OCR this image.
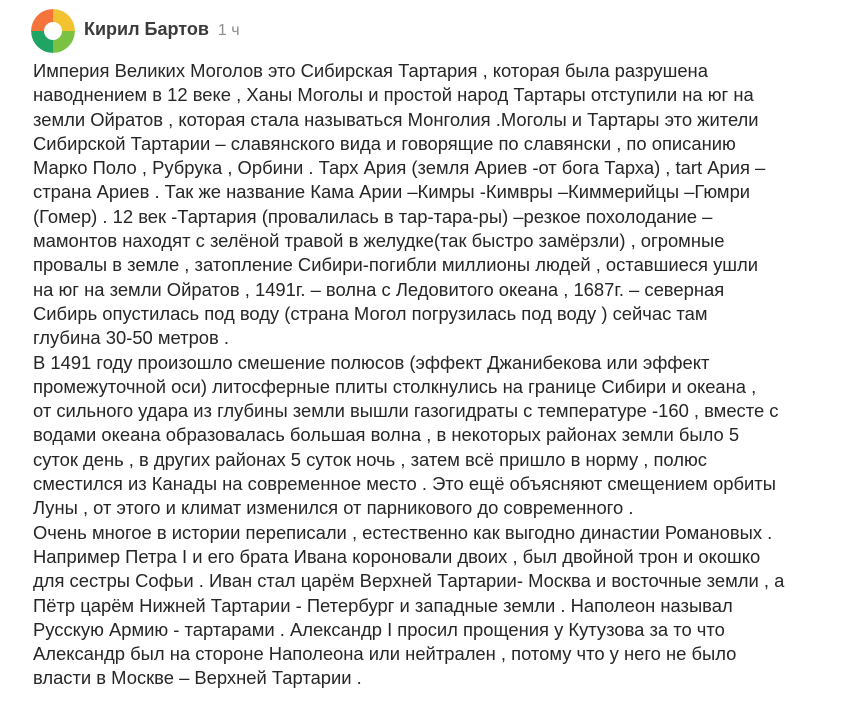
Кирил Бартов 1 ч
Империя Великих Моголов это Сибирская Тартария , которая была разрушена
наводнением в 12 веке , Ханы Моголы и простой народ Тартары отступили на юг на
земли Ойратов , которая стала называться Монголия .Моголы и Тартары это жители
Сибирской Тартарии – славянского вида и говорящие по славянски , по описанию
Марко Поло , Рубрука , Орбини . Тарх Ария (земля Ариев -от бога Тарха) , tart Ария –
страна Ариев . Так же название Кама Арии –Кимры -Кимвры –Киммерийцы –Гюмри
(Гомер) . 12 век -Тартария (провалилась в тар-тара-ры) –резкое похолодание –
мамонтов находят с зелёной травой в желудке(так быстро замёрзли) , огромные
провалы в земле , затопление Сибири-погибли миллионы людей , оставшиеся ушли
на юг на земли Ойратов , 1491г. – волна с Ледовитого океана , 1687г. – северная
Сибирь опустилась под воду (страна Могол погрузилась под воду ) сейчас там
глубина 30-50 метров .
В 1491 году произошло смешение полюсов (эффект Джанибекова или эффект
промежуточной оси) литосферные плиты столкнулись на границе Сибири и океана ,
от сильного удара из глубины земли вышли газогидраты с температуре -160 , вместе с
водами океана образовалась большая волна , в некоторых районах земли было 5
суток день , в других районах 5 суток ночь , затем всё пришло в норму , полюс
сместился из Канады на современное место . Это ещё объясняют смещением орбиты
Луны , от этого и климат изменился от парникового до современного .
Очень многое в истории переписали , естественно как выгодно династии Романовых .
Например Петра I и его брата Ивана короновали двоих , был двойной трон и окошко
для сестры Софьи . Иван стал царём Верхней Тартарии- Москва и восточные земли , а
Пётр царём Нижней Тартарии - Петербург и западные земли . Наполеон называл
Русскую Армию - тартарами . Александр I просил прощения у Кутузова за то что
Александр был на стороне Наполеона или нейтрален , потому что у него не было
власти в Москве – Верхней Тартарии .
